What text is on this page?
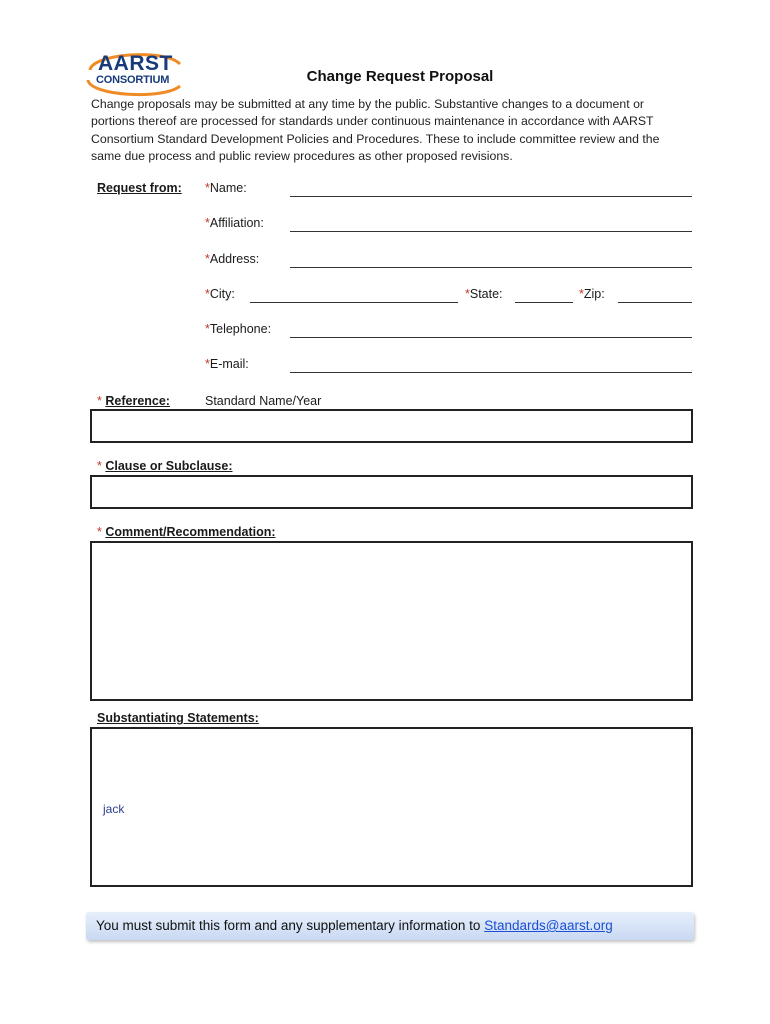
AARST
CONSORTIUM	Change Request Proposal
Change proposals may be submitted at any time by the public. Substantive changes to a document or portions thereof are processed for standards under continuous maintenance in accordance with AARST Consortium Standard Development Policies and Procedures. These to include committee review and the same due process and public review procedures as other proposed revisions.
Request from: *Name:
*Affiliation:
*Address:
*City:	*State:	*Zip:
*Telephone:
*E-mail:
* Reference:	Standard Name/Year
* Clause or Subclause:
* Comment/Recommendation:
Substantiating Statements:
jack
You must submit this form and any supplementary information to Standards@aarst.org
